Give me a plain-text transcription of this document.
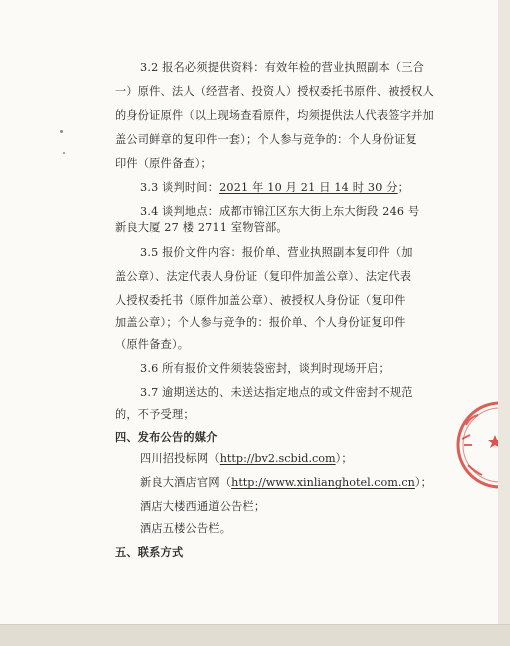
3.2 报名必须提供资料：有效年检的营业执照副本（三合
一）原件、法人（经营者、投资人）授权委托书原件、被授权人
的身份证原件（以上现场查看原件，均须提供法人代表签字并加
盖公司鲜章的复印件一套）；个人参与竞争的：个人身份证复
印件（原件备查）；
3.3 谈判时间：2021 年 10 月 21 日 14 时 30 分；
3.4 谈判地点：成都市锦江区东大街上东大街段 246 号
新良大厦 27 楼 2711 室物管部。
3.5 报价文件内容：报价单、营业执照副本复印件（加
盖公章）、法定代表人身份证（复印件加盖公章）、法定代表
人授权委托书（原件加盖公章）、被授权人身份证（复印件
加盖公章）；个人参与竞争的：报价单、个人身份证复印件
（原件备查）。
3.6 所有报价文件须装袋密封，谈判时现场开启；
3.7 逾期送达的、未送达指定地点的或文件密封不规范
的，不予受理；
四、发布公告的媒介
四川招投标网（http://bv2.scbid.com）；
新良大酒店官网（http://www.xinlianghotel.com.cn）；
酒店大楼西通道公告栏；
酒店五楼公告栏。
五、联系方式
